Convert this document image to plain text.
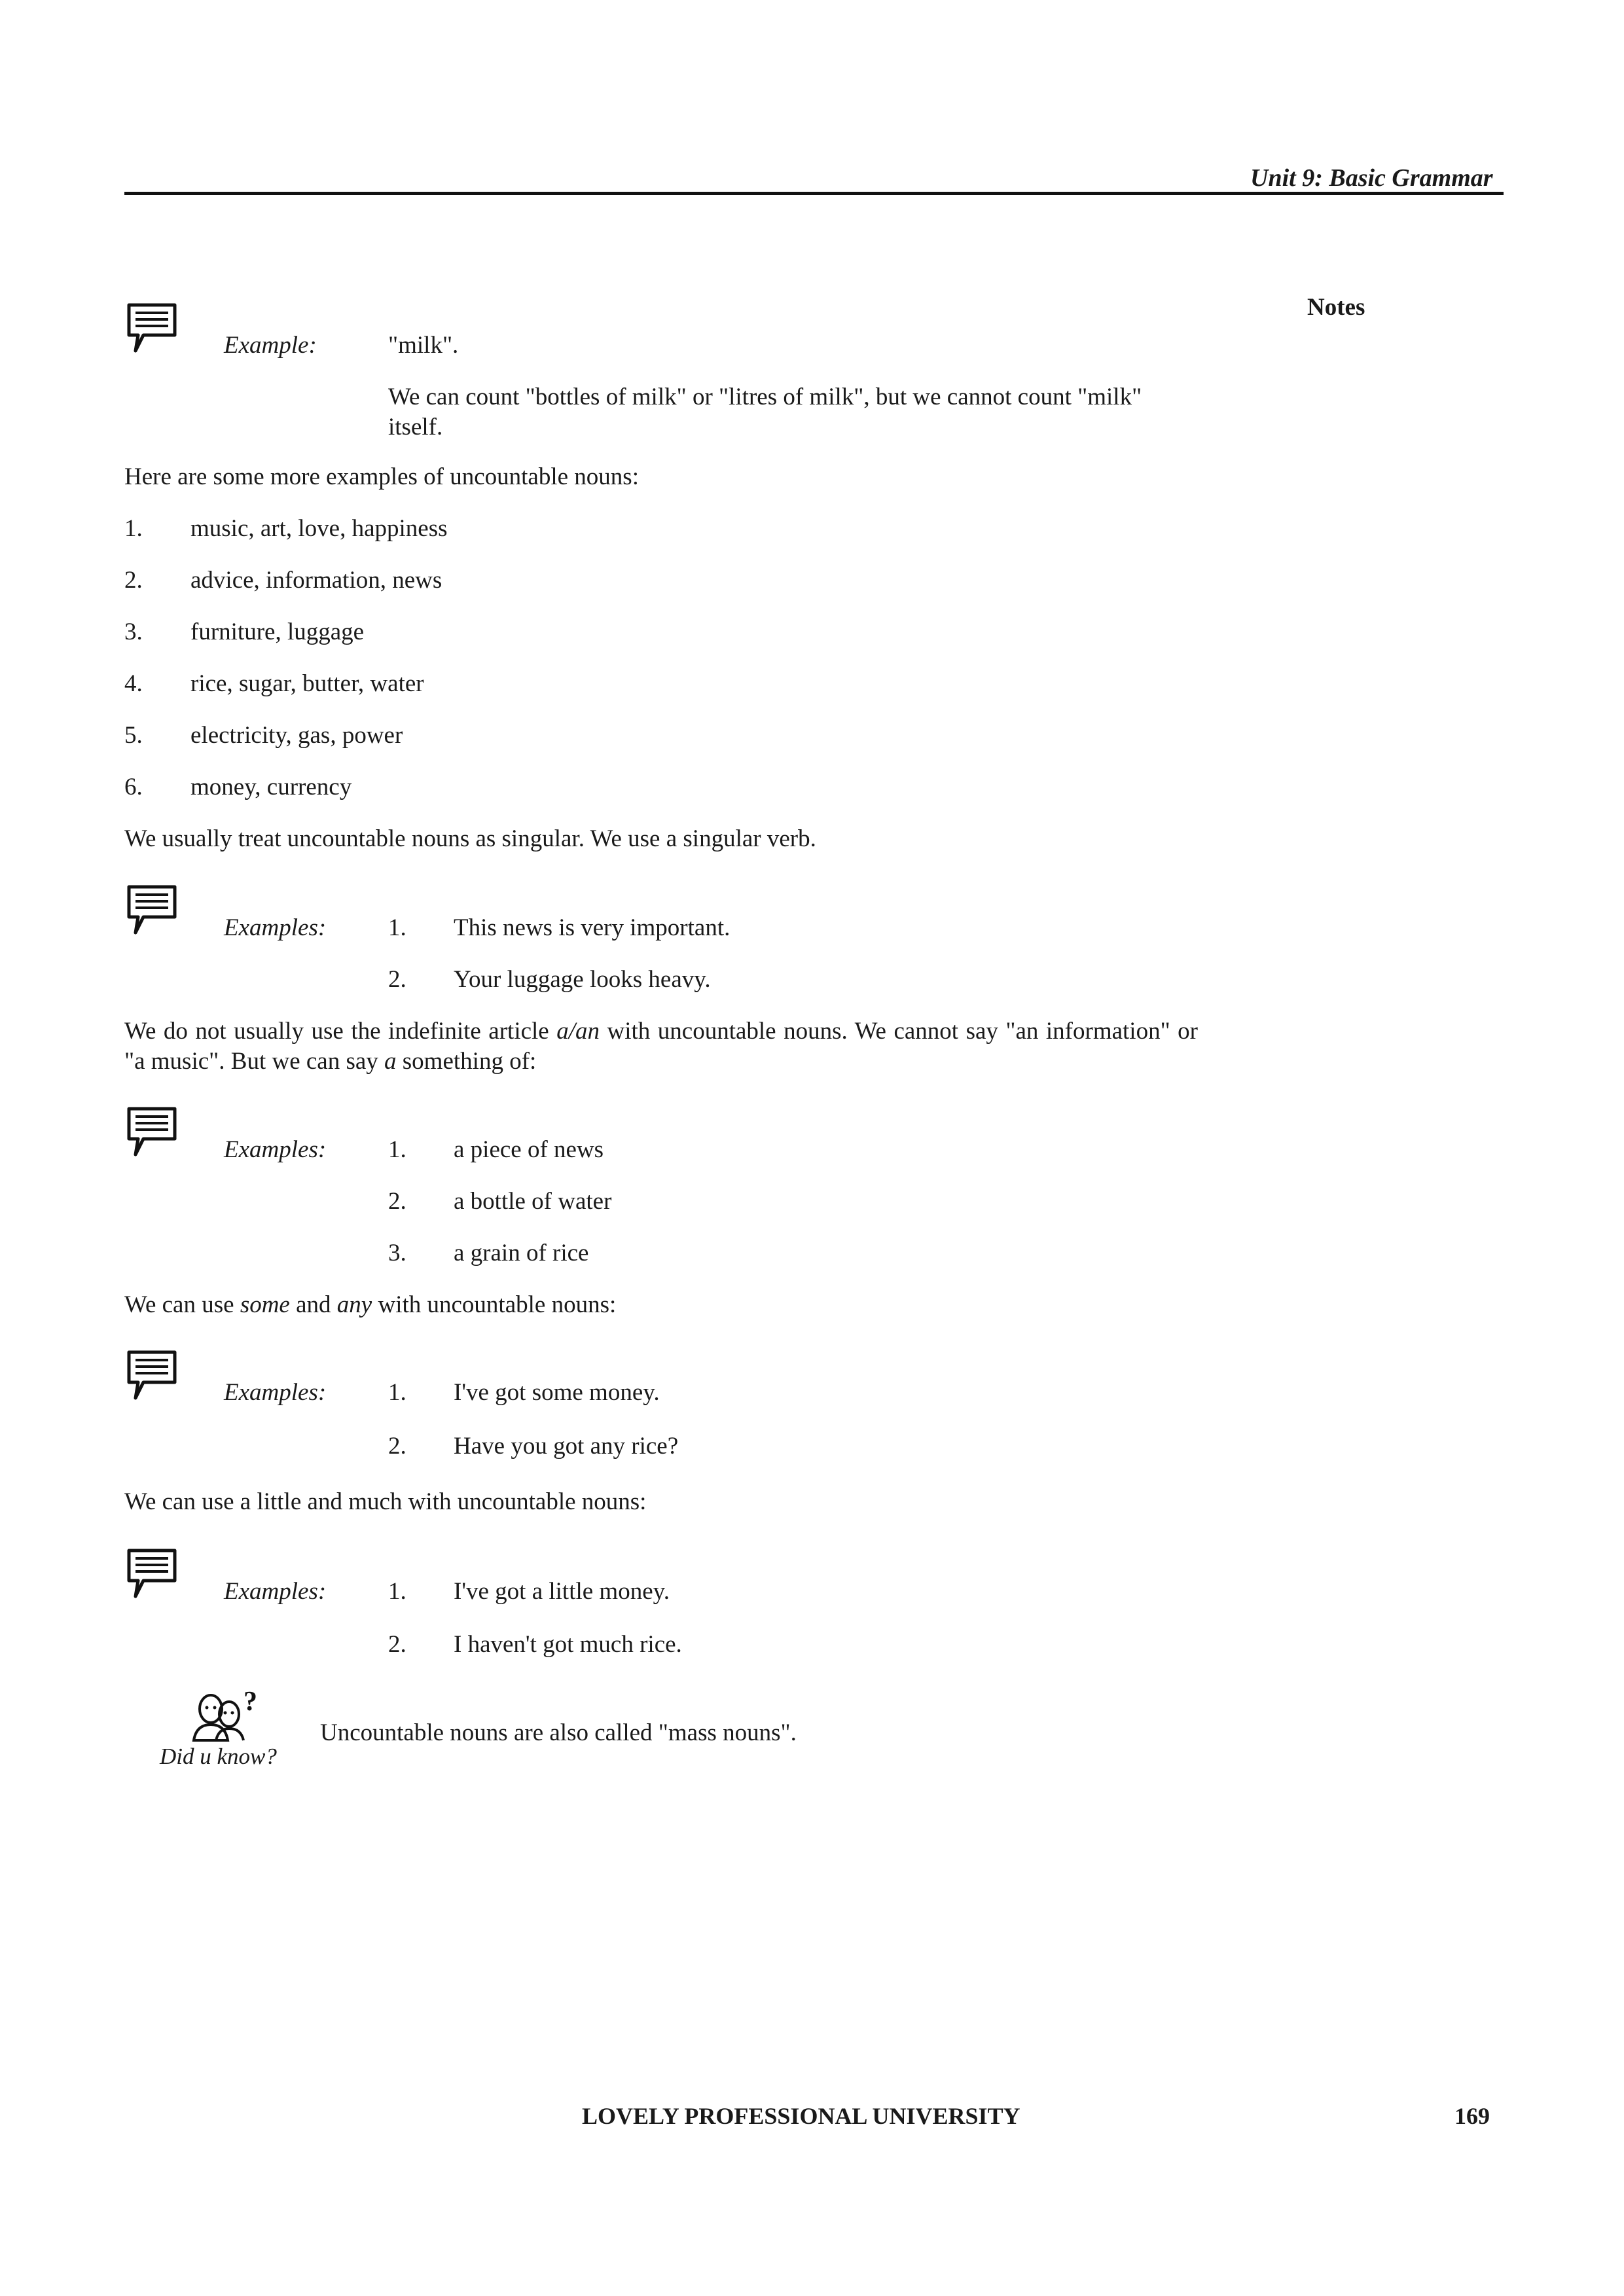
Unit 9: Basic Grammar
Notes
Example:	"milk".
We can count "bottles of milk" or "litres of milk", but we cannot count "milk" itself.
Here are some more examples of uncountable nouns:
1. music, art, love, happiness
2. advice, information, news
3. furniture, luggage
4. rice, sugar, butter, water
5. electricity, gas, power
6. money, currency
We usually treat uncountable nouns as singular. We use a singular verb.
Examples:	1. This news is very important.
2. Your luggage looks heavy.
We do not usually use the indefinite article a/an with uncountable nouns. We cannot say "an information" or "a music". But we can say a something of:
Examples:	1. a piece of news
2. a bottle of water
3. a grain of rice
We can use some and any with uncountable nouns:
Examples:	1. I've got some money.
2. Have you got any rice?
We can use a little and much with uncountable nouns:
Examples:	1. I've got a little money.
2. I haven't got much rice.
?
Did u know?
Uncountable nouns are also called "mass nouns".
LOVELY PROFESSIONAL UNIVERSITY	169
